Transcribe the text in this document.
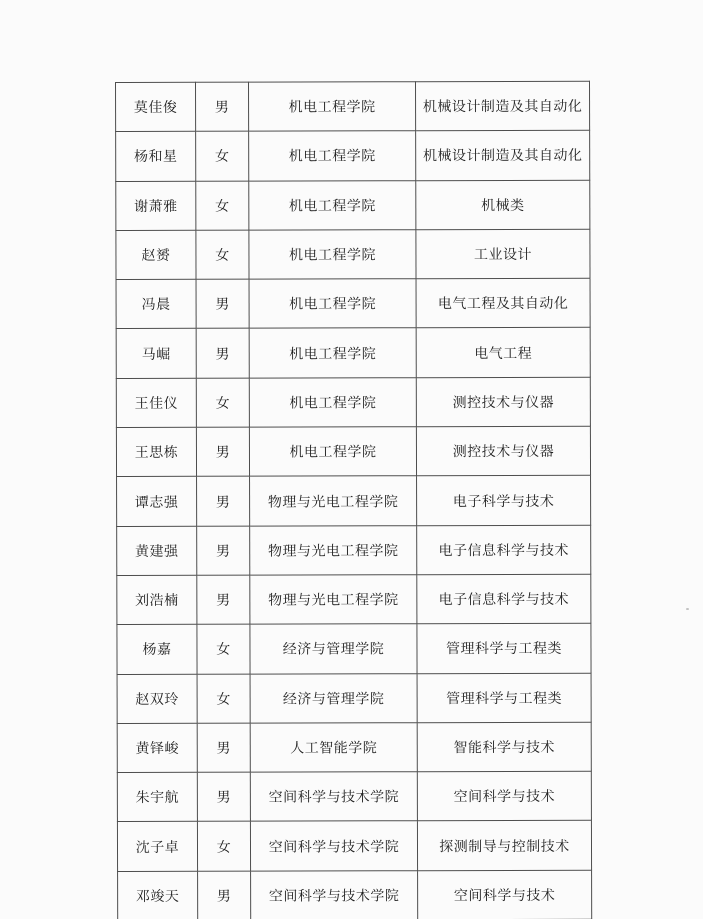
莫佳俊	男	机电工程学院	机械设计制造及其自动化
杨和星	女	机电工程学院	机械设计制造及其自动化
谢萧雅	女	机电工程学院	机械类
赵赟	女	机电工程学院	工业设计
冯晨	男	机电工程学院	电气工程及其自动化
马崛	男	机电工程学院	电气工程
王佳仪	女	机电工程学院	测控技术与仪器
王思栋	男	机电工程学院	测控技术与仪器
谭志强	男	物理与光电工程学院	电子科学与技术
黄建强	男	物理与光电工程学院	电子信息科学与技术
刘浩楠	男	物理与光电工程学院	电子信息科学与技术
杨嘉	女	经济与管理学院	管理科学与工程类
赵双玲	女	经济与管理学院	管理科学与工程类
黄铎峻	男	人工智能学院	智能科学与技术
朱宇航	男	空间科学与技术学院	空间科学与技术
沈子卓	女	空间科学与技术学院	探测制导与控制技术
邓竣天	男	空间科学与技术学院	空间科学与技术
